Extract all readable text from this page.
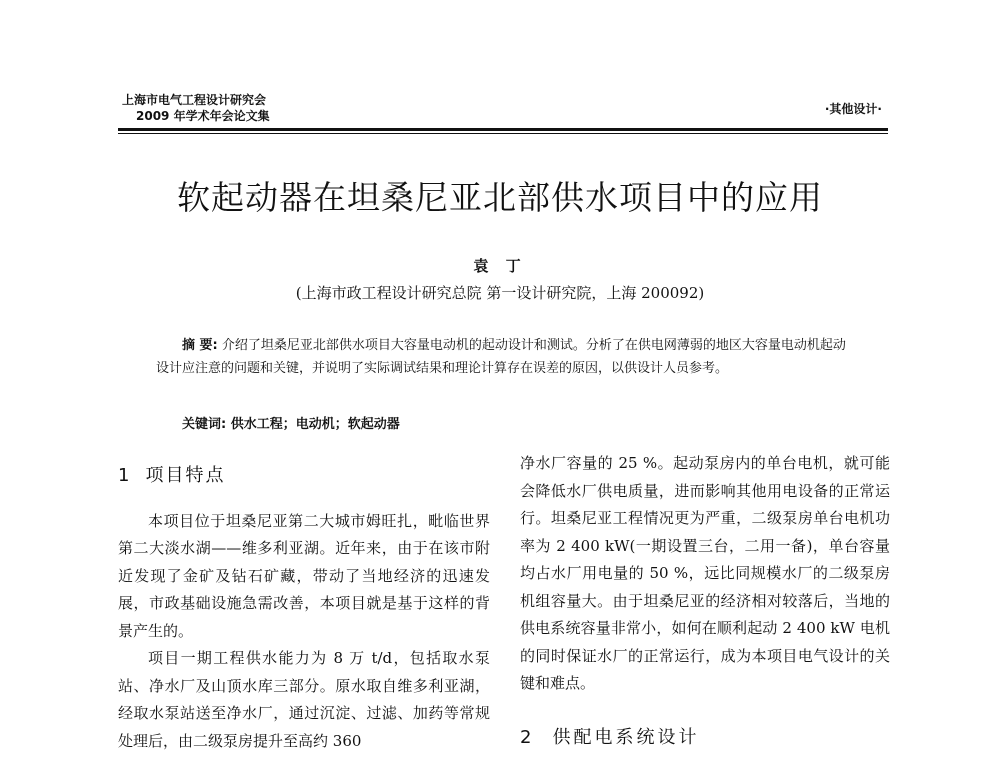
上海市电气工程设计研究会
2009 年学术年会论文集	·其他设计·
软起动器在坦桑尼亚北部供水项目中的应用
袁 丁
(上海市政工程设计研究总院 第一设计研究院，上海 200092)
摘 要: 介绍了坦桑尼亚北部供水项目大容量电动机的起动设计和测试。分析了在供电网薄弱的地区大容量电动机起动设计应注意的问题和关键，并说明了实际调试结果和理论计算存在误差的原因，以供设计人员参考。
关键词: 供水工程；电动机；软起动器
1 项目特点

本项目位于坦桑尼亚第二大城市姆旺扎，毗临世界第二大淡水湖——维多利亚湖。近年来，由于在该市附近发现了金矿及钻石矿藏，带动了当地经济的迅速发展，市政基础设施急需改善，本项目就是基于这样的背景产生的。

项目一期工程供水能力为 8 万 t/d，包括取水泵站、净水厂及山顶水库三部分。原水取自维多利亚湖，经取水泵站送至净水厂，通过沉淀、过滤、加药等常规处理后，由二级泵房提升至高约 360

净水厂容量的 25 %。起动泵房内的单台电机，就可能会降低水厂供电质量，进而影响其他用电设备的正常运行。坦桑尼亚工程情况更为严重，二级泵房单台电机功率为 2 400 kW(一期设置三台，二用一备)，单台容量均占水厂用电量的 50 %，远比同规模水厂的二级泵房机组容量大。由于坦桑尼亚的经济相对较落后，当地的供电系统容量非常小，如何在顺利起动 2 400 kW 电机的同时保证水厂的正常运行，成为本项目电气设计的关键和难点。

2 供配电系统设计
